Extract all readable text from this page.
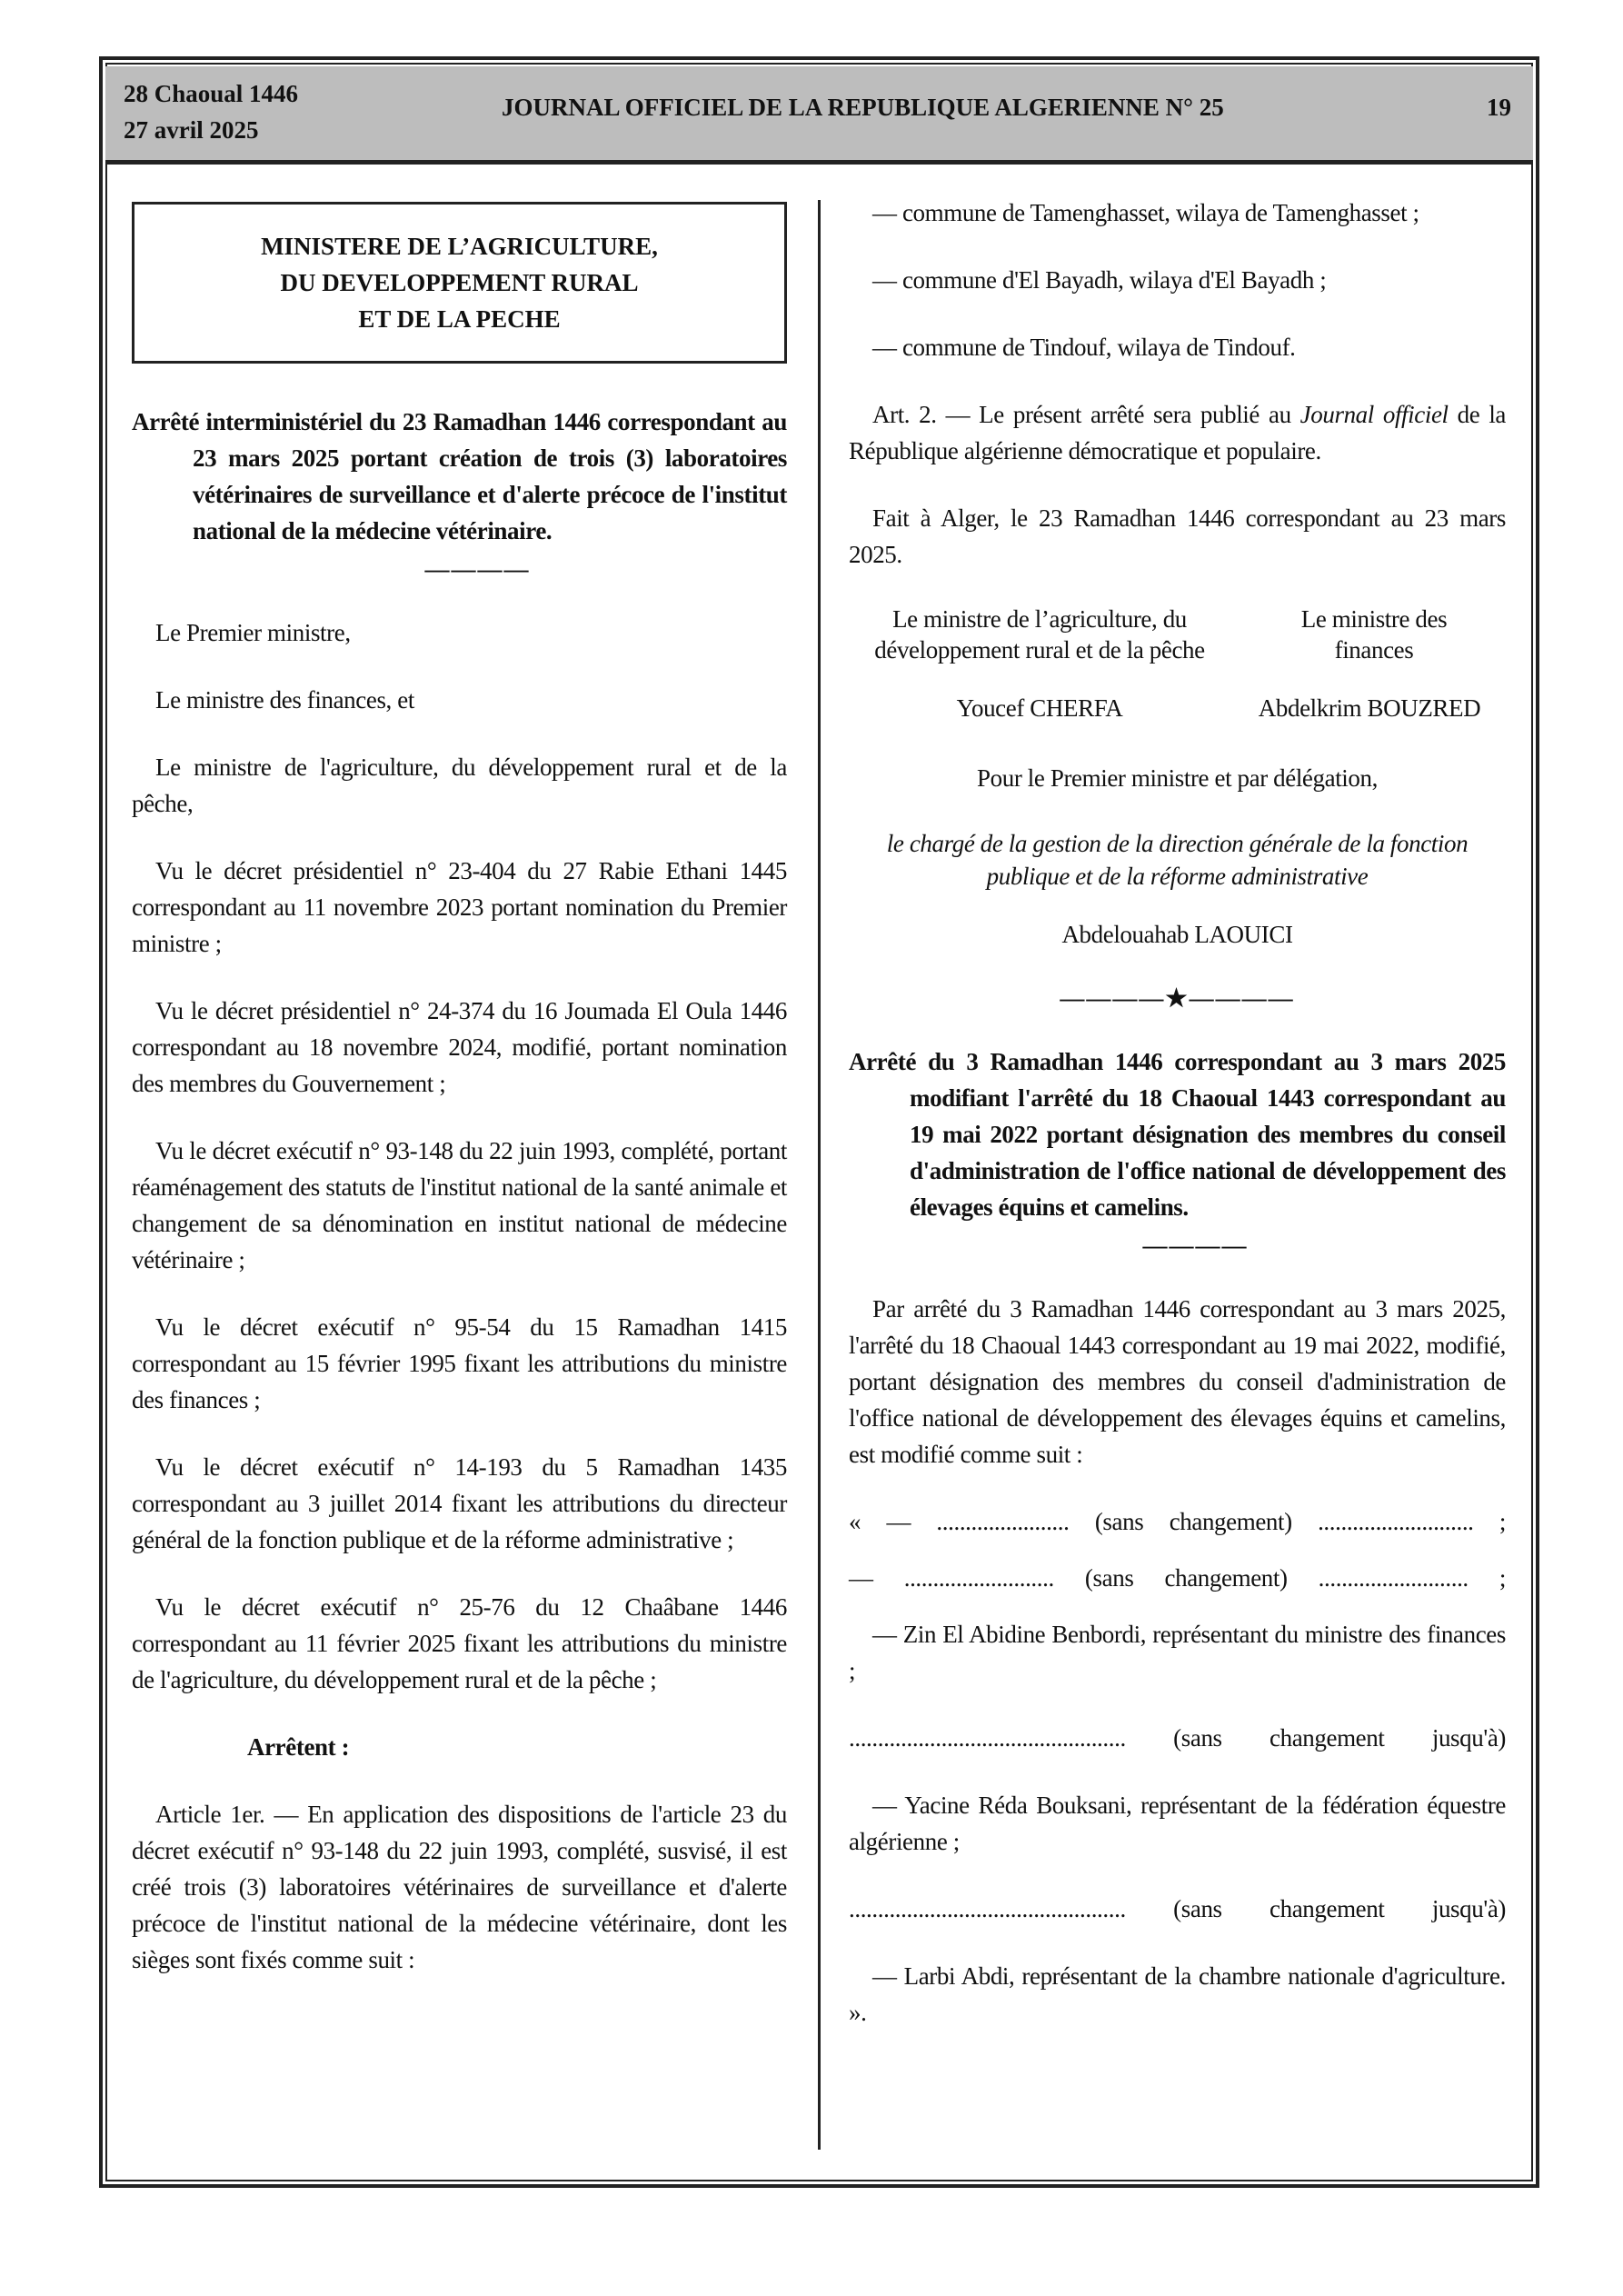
28 Chaoual 1446
27 avril 2025
JOURNAL OFFICIEL DE LA REPUBLIQUE ALGERIENNE N° 25	19
MINISTERE DE L’AGRICULTURE,
DU DEVELOPPEMENT RURAL
ET DE LA PECHE
Arrêté interministériel du 23 Ramadhan 1446 correspondant au 23 mars 2025 portant création de trois (3) laboratoires vétérinaires de surveillance et d'alerte précoce de l'institut national de la médecine vétérinaire.
————
Le Premier ministre,
Le ministre des finances, et
Le ministre de l'agriculture, du développement rural et de la pêche,
Vu le décret présidentiel n° 23-404 du 27 Rabie Ethani 1445 correspondant au 11 novembre 2023 portant nomination du Premier ministre ;
Vu le décret présidentiel n° 24-374 du 16 Joumada El Oula 1446 correspondant au 18 novembre 2024, modifié, portant nomination des membres du Gouvernement ;
Vu le décret exécutif n° 93-148 du 22 juin 1993, complété, portant réaménagement des statuts de l'institut national de la santé animale et changement de sa dénomination en institut national de médecine vétérinaire ;
Vu le décret exécutif n° 95-54 du 15 Ramadhan 1415 correspondant au 15 février 1995 fixant les attributions du ministre des finances ;
Vu le décret exécutif n° 14-193 du 5 Ramadhan 1435 correspondant au 3 juillet 2014 fixant les attributions du directeur général de la fonction publique et de la réforme administrative ;
Vu le décret exécutif n° 25-76 du 12 Chaâbane 1446 correspondant au 11 février 2025 fixant les attributions du ministre de l'agriculture, du développement rural et de la pêche ;
Arrêtent :
Article 1er. — En application des dispositions de l'article 23 du décret exécutif n° 93-148 du 22 juin 1993, complété, susvisé, il est créé trois (3) laboratoires vétérinaires de surveillance et d'alerte précoce de l'institut national de la médecine vétérinaire, dont les sièges sont fixés comme suit :
— commune de Tamenghasset, wilaya de Tamenghasset ;
— commune d'El Bayadh, wilaya d'El Bayadh ;
— commune de Tindouf, wilaya de Tindouf.
Art. 2. — Le présent arrêté sera publié au Journal officiel de la République algérienne démocratique et populaire.
Fait à Alger, le 23 Ramadhan 1446 correspondant au 23 mars 2025.
Le ministre de l’agriculture, du développement rural et de la pêche
Le ministre des finances
Youcef CHERFA	Abdelkrim BOUZRED
Pour le Premier ministre et par délégation,
le chargé de la gestion de la direction générale de la fonction publique et de la réforme administrative
Abdelouahab LAOUICI
————★————
Arrêté du 3 Ramadhan 1446 correspondant au 3 mars 2025 modifiant l'arrêté du 18 Chaoual 1443 correspondant au 19 mai 2022 portant désignation des membres du conseil d'administration de l'office national de développement des élevages équins et camelins.
————
Par arrêté du 3 Ramadhan 1446 correspondant au 3 mars 2025, l'arrêté du 18 Chaoual 1443 correspondant au 19 mai 2022, modifié, portant désignation des membres du conseil d'administration de l'office national de développement des élevages équins et camelins, est modifié comme suit :
« — ....................... (sans changement) ........................... ;
— .......................... (sans changement) .......................... ;
— Zin El Abidine Benbordi, représentant du ministre des finances ;
................................................ (sans changement jusqu'à)
— Yacine Réda Bouksani, représentant de la fédération équestre algérienne ;
................................................ (sans changement jusqu'à)
— Larbi Abdi, représentant de la chambre nationale d'agriculture. ».
